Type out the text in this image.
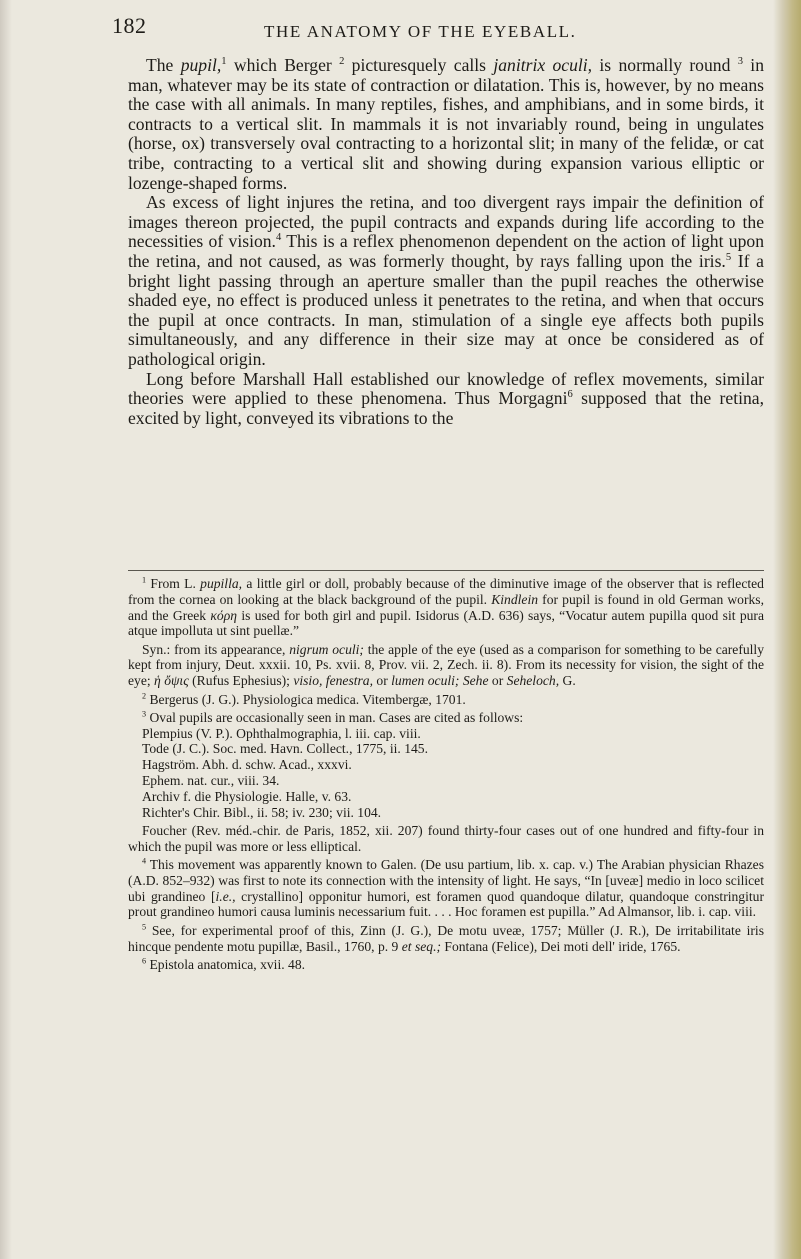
182	THE ANATOMY OF THE EYEBALL.

The pupil,$^1$ which Berger $^2$ picturesquely calls janitrix oculi, is normally round $^3$ in man, whatever may be its state of contraction or dilatation. This is, however, by no means the case with all animals. In many reptiles, fishes, and amphibians, and in some birds, it contracts to a vertical slit. In mammals it is not invariably round, being in ungulates (horse, ox) transversely oval contracting to a horizontal slit; in many of the felidæ, or cat tribe, contracting to a vertical slit and showing during expansion various elliptic or lozenge-shaped forms.

As excess of light injures the retina, and too divergent rays impair the definition of images thereon projected, the pupil contracts and expands during life according to the necessities of vision.$^4$ This is a reflex phenomenon dependent on the action of light upon the retina, and not caused, as was formerly thought, by rays falling upon the iris.$^5$ If a bright light passing through an aperture smaller than the pupil reaches the otherwise shaded eye, no effect is produced unless it penetrates to the retina, and when that occurs the pupil at once contracts. In man, stimulation of a single eye affects both pupils simultaneously, and any difference in their size may at once be considered as of pathological origin.

Long before Marshall Hall established our knowledge of reflex movements, similar theories were applied to these phenomena. Thus Morgagni$^6$ supposed that the retina, excited by light, conveyed its vibrations to the

$^1$ From L. pupilla, a little girl or doll, probably because of the diminutive image of the observer that is reflected from the cornea on looking at the black background of the pupil. Kindlein for pupil is found in old German works, and the Greek κόρη is used for both girl and pupil. Isidorus (A.D. 636) says, “Vocatur autem pupilla quod sit pura atque impolluta ut sint puellæ.”

Syn.: from its appearance, nigrum oculi; the apple of the eye (used as a comparison for something to be carefully kept from injury, Deut. xxxii. 10, Ps. xvii. 8, Prov. vii. 2, Zech. ii. 8). From its necessity for vision, the sight of the eye; ἡ ὄψις (Rufus Ephesius); visio, fenestra, or lumen oculi; Sehe or Seheloch, G.

$^2$ Bergerus (J. G.). Physiologica medica. Vitembergæ, 1701.

$^3$ Oval pupils are occasionally seen in man. Cases are cited as follows:

Plempius (V. P.). Ophthalmographia, l. iii. cap. viii.

Tode (J. C.). Soc. med. Havn. Collect., 1775, ii. 145.

Hagström. Abh. d. schw. Acad., xxxvi.

Ephem. nat. cur., viii. 34.

Archiv f. die Physiologie. Halle, v. 63.

Richter's Chir. Bibl., ii. 58; iv. 230; vii. 104.

Foucher (Rev. méd.-chir. de Paris, 1852, xii. 207) found thirty-four cases out of one hundred and fifty-four in which the pupil was more or less elliptical.

$^4$ This movement was apparently known to Galen. (De usu partium, lib. x. cap. v.) The Arabian physician Rhazes (A.D. 852–932) was first to note its connection with the intensity of light. He says, “In [uveæ] medio in loco scilicet ubi grandineo [i.e., crystallino] opponitur humori, est foramen quod quandoque dilatur, quandoque constringitur prout grandineo humori causa luminis necessarium fuit. . . . Hoc foramen est pupilla.” Ad Almansor, lib. i. cap. viii.

$^5$ See, for experimental proof of this, Zinn (J. G.), De motu uveæ, 1757; Müller (J. R.), De irritabilitate iris hincque pendente motu pupillæ, Basil., 1760, p. 9 et seq.; Fontana (Felice), Dei moti dell' iride, 1765.

$^6$ Epistola anatomica, xvii. 48.
